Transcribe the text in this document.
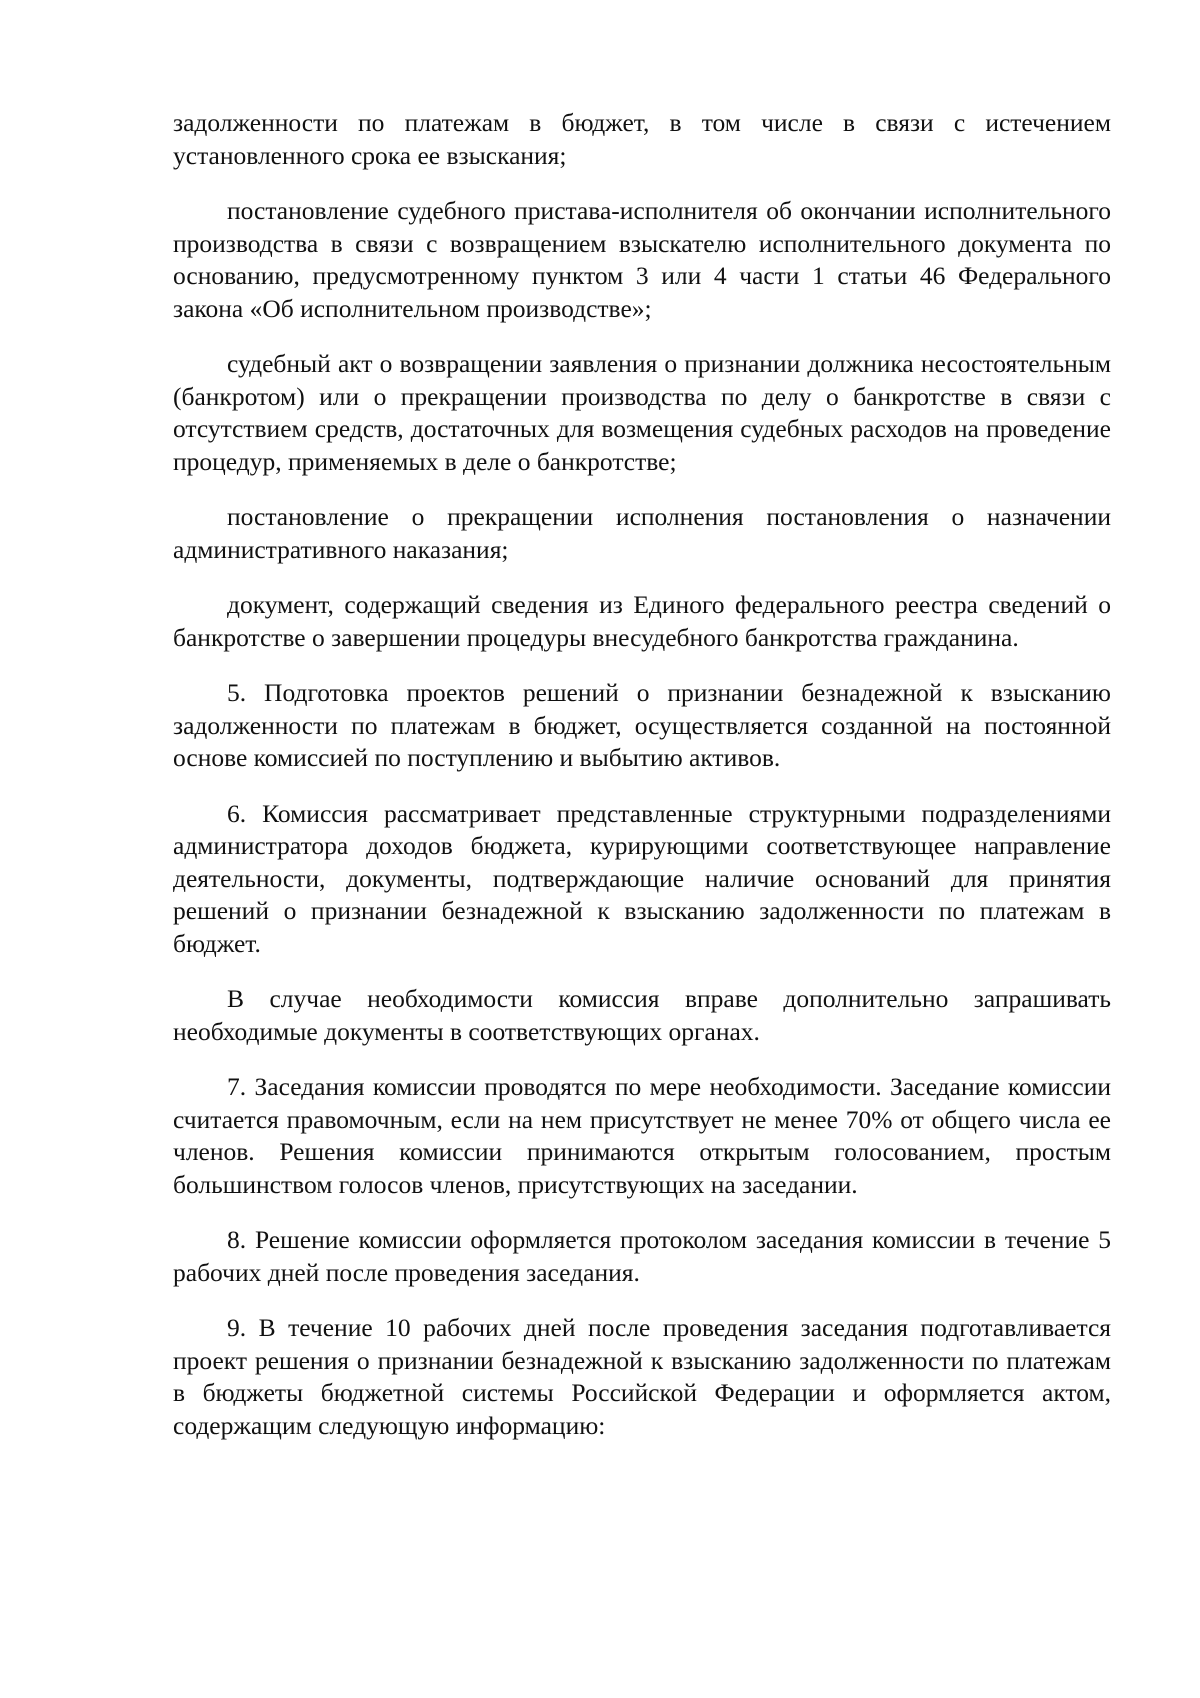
задолженности по платежам в бюджет, в том числе в связи с истечением установленного срока ее взыскания;

постановление судебного пристава-исполнителя об окончании исполнительного производства в связи с возвращением взыскателю исполнительного документа по основанию, предусмотренному пунктом 3 или 4 части 1 статьи 46 Федерального закона «Об исполнительном производстве»;

судебный акт о возвращении заявления о признании должника несостоятельным (банкротом) или о прекращении производства по делу о банкротстве в связи с отсутствием средств, достаточных для возмещения судебных расходов на проведение процедур, применяемых в деле о банкротстве;

постановление о прекращении исполнения постановления о назначении административного наказания;

документ, содержащий сведения из Единого федерального реестра сведений о банкротстве о завершении процедуры внесудебного банкротства гражданина.

5. Подготовка проектов решений о признании безнадежной к взысканию задолженности по платежам в бюджет, осуществляется созданной на постоянной основе комиссией по поступлению и выбытию активов.

6. Комиссия рассматривает представленные структурными подразделениями администратора доходов бюджета, курирующими соответствующее направление деятельности, документы, подтверждающие наличие оснований для принятия решений о признании безнадежной к взысканию задолженности по платежам в бюджет.

В случае необходимости комиссия вправе дополнительно запрашивать необходимые документы в соответствующих органах.

7. Заседания комиссии проводятся по мере необходимости. Заседание комиссии считается правомочным, если на нем присутствует не менее 70% от общего числа ее членов. Решения комиссии принимаются открытым голосованием, простым большинством голосов членов, присутствующих на заседании.

8. Решение комиссии оформляется протоколом заседания комиссии в течение 5 рабочих дней после проведения заседания.

9. В течение 10 рабочих дней после проведения заседания подготавливается проект решения о признании безнадежной к взысканию задолженности по платежам в бюджеты бюджетной системы Российской Федерации и оформляется актом, содержащим следующую информацию:
